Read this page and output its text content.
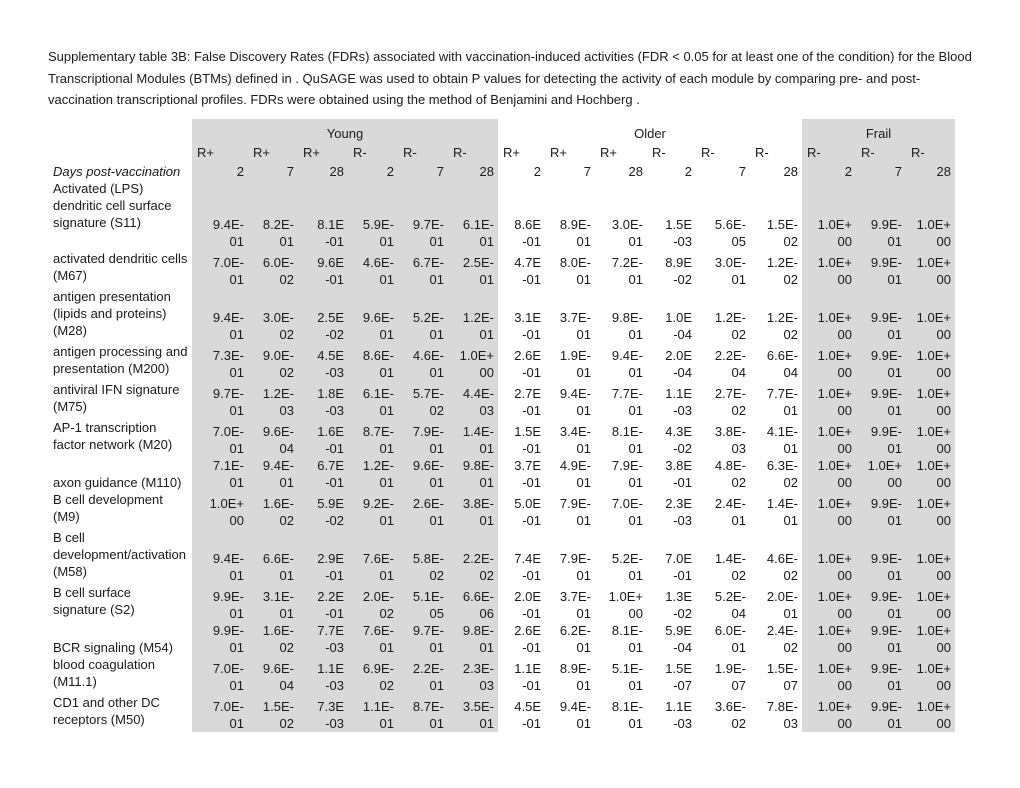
Supplementary table 3B: False Discovery Rates (FDRs) associated with vaccination-induced activities (FDR < 0.05 for at least one of the condition) for the Blood Transcriptional Modules (BTMs) defined in . QuSAGE was used to obtain P values for detecting the activity of each module by comparing pre- and post-vaccination transcriptional profiles. FDRs were obtained using the method of Benjamini and Hochberg .
	Young						Older						Frail		
	R+	R+	R+	R-	R-	R-	R+	R+	R+	R-	R-	R-	R-	R-	R-
Days post-vaccination	2	7	28	2	7	28	2	7	28	2	7	28	2	7	28
Activated (LPS) dendritic cell surface signature (S11)	9.4E-
01	8.2E-
01	8.1E
-01	5.9E-
01	9.7E-
01	6.1E-
01	8.6E
-01	8.9E-
01	3.0E-
01	1.5E
-03	5.6E-
05	1.5E-
02	1.0E+
00	9.9E-
01	1.0E+
00

activated dendritic cells (M67)	7.0E-
01	6.0E-
02	9.6E
-01	4.6E-
01	6.7E-
01	2.5E-
01	4.7E
-01	8.0E-
01	7.2E-
01	8.9E
-02	3.0E-
01	1.2E-
02	1.0E+
00	9.9E-
01	1.0E+
00

antigen presentation (lipids and proteins) (M28)	9.4E-
01	3.0E-
02	2.5E
-02	9.6E-
01	5.2E-
01	1.2E-
01	3.1E
-01	3.7E-
01	9.8E-
01	1.0E
-04	1.2E-
02	1.2E-
02	1.0E+
00	9.9E-
01	1.0E+
00

antigen processing and presentation (M200)	7.3E-
01	9.0E-
02	4.5E
-03	8.6E-
01	4.6E-
01	1.0E+
00	2.6E
-01	1.9E-
01	9.4E-
01	2.0E
-04	2.2E-
04	6.6E-
04	1.0E+
00	9.9E-
01	1.0E+
00

antiviral IFN signature (M75)	9.7E-
01	1.2E-
03	1.8E
-03	6.1E-
01	5.7E-
02	4.4E-
03	2.7E
-01	9.4E-
01	7.7E-
01	1.1E
-03	2.7E-
02	7.7E-
01	1.0E+
00	9.9E-
01	1.0E+
00

AP-1 transcription factor network (M20)	7.0E-
01	9.6E-
04	1.6E
-01	8.7E-
01	7.9E-
01	1.4E-
01	1.5E
-01	3.4E-
01	8.1E-
01	4.3E
-02	3.8E-
03	4.1E-
01	1.0E+
00	9.9E-
01	1.0E+
00

axon guidance (M110)	7.1E-
01	9.4E-
01	6.7E
-01	1.2E-
01	9.6E-
01	9.8E-
01	3.7E
-01	4.9E-
01	7.9E-
01	3.8E
-01	4.8E-
02	6.3E-
02	1.0E+
00	1.0E+
00	1.0E+
00

B cell development (M9)	1.0E+
00	1.6E-
02	5.9E
-02	9.2E-
01	2.6E-
01	3.8E-
01	5.0E
-01	7.9E-
01	7.0E-
01	2.3E
-03	2.4E-
01	1.4E-
01	1.0E+
00	9.9E-
01	1.0E+
00

B cell development/activation (M58)	9.4E-
01	6.6E-
01	2.9E
-01	7.6E-
01	5.8E-
02	2.2E-
02	7.4E
-01	7.9E-
01	5.2E-
01	7.0E
-01	1.4E-
02	4.6E-
02	1.0E+
00	9.9E-
01	1.0E+
00

B cell surface signature (S2)	9.9E-
01	3.1E-
01	2.2E
-01	2.0E-
02	5.1E-
05	6.6E-
06	2.0E
-01	3.7E-
01	1.0E+
00	1.3E
-02	5.2E-
04	2.0E-
01	1.0E+
00	9.9E-
01	1.0E+
00

BCR signaling (M54)	9.9E-
01	1.6E-
02	7.7E
-03	7.6E-
01	9.7E-
01	9.8E-
01	2.6E
-01	6.2E-
01	8.1E-
01	5.9E
-04	6.0E-
01	2.4E-
02	1.0E+
00	9.9E-
01	1.0E+
00

blood coagulation (M11.1)	7.0E-
01	9.6E-
04	1.1E
-03	6.9E-
02	2.2E-
01	2.3E-
03	1.1E
-01	8.9E-
01	5.1E-
01	1.5E
-07	1.9E-
07	1.5E-
07	1.0E+
00	9.9E-
01	1.0E+
00

CD1 and other DC receptors (M50)	7.0E-
01	1.5E-
02	7.3E
-03	1.1E-
01	8.7E-
01	3.5E-
01	4.5E
-01	9.4E-
01	8.1E-
01	1.1E
-03	3.6E-
02	7.8E-
03	1.0E+
00	9.9E-
01	1.0E+
00
